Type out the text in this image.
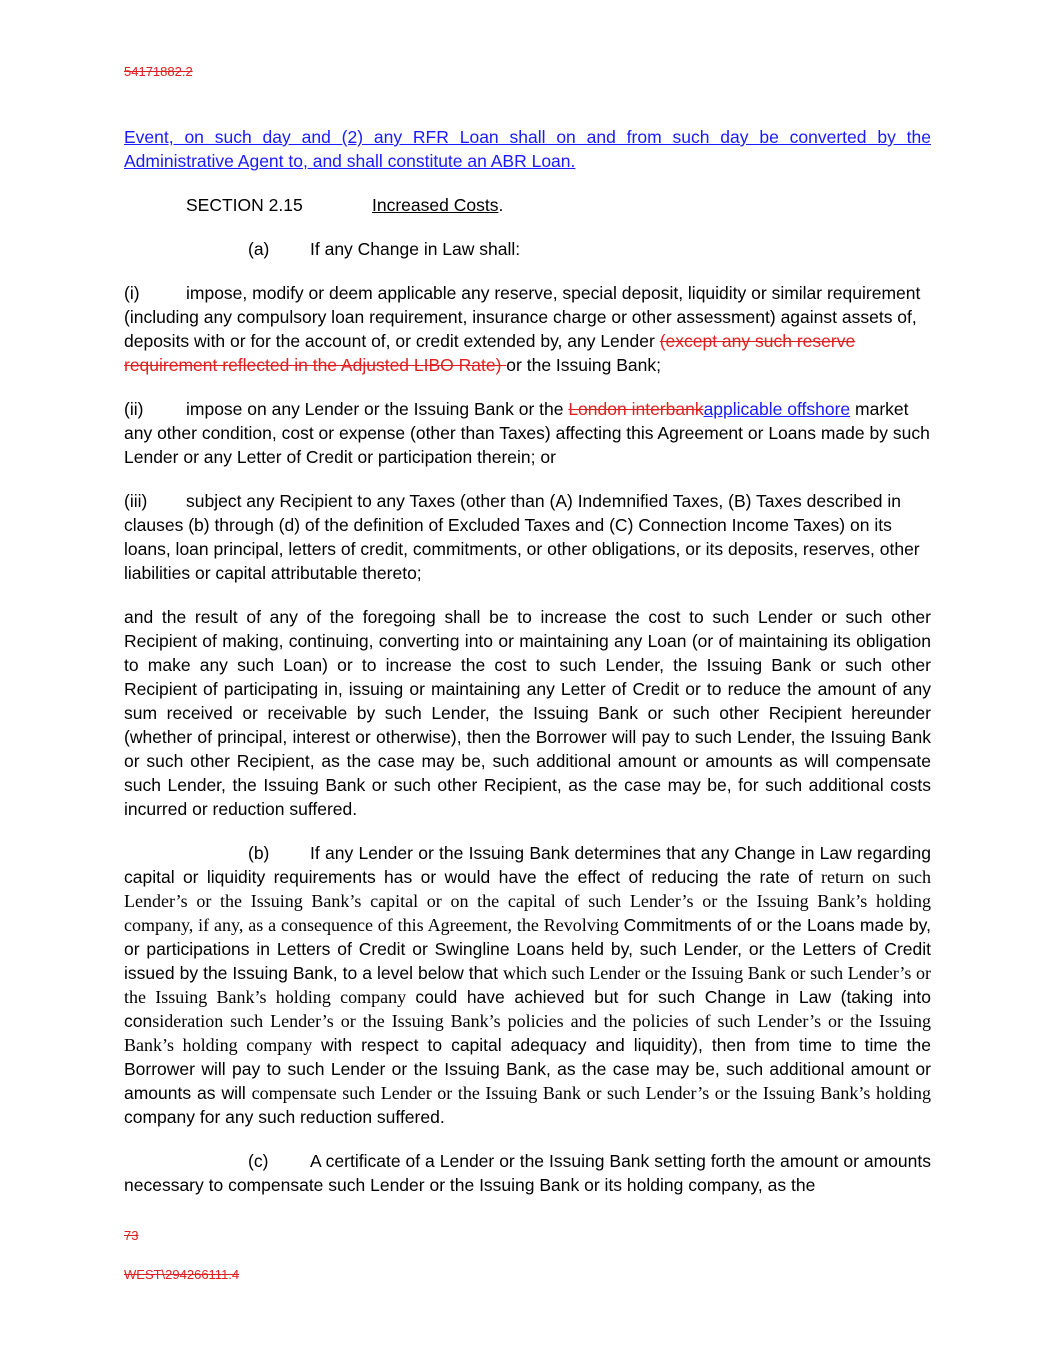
54171882.2

Event, on such day and (2) any RFR Loan shall on and from such day be converted by the Administrative Agent to, and shall constitute an ABR Loan.

SECTION 2.15	Increased Costs.

(a) If any Change in Law shall:

(i)	impose, modify or deem applicable any reserve, special deposit, liquidity or similar requirement (including any compulsory loan requirement, insurance charge or other assessment) against assets of, deposits with or for the account of, or credit extended by, any Lender (except any such reserve requirement reflected in the Adjusted LIBO Rate) or the Issuing Bank;

(ii) impose on any Lender or the Issuing Bank or the London interbankapplicable offshore market any other condition, cost or expense (other than Taxes) affecting this Agreement or Loans made by such Lender or any Letter of Credit or participation therein; or

(iii) subject any Recipient to any Taxes (other than (A) Indemnified Taxes, (B) Taxes described in clauses (b) through (d) of the definition of Excluded Taxes and (C) Connection Income Taxes) on its loans, loan principal, letters of credit, commitments, or other obligations, or its deposits, reserves, other liabilities or capital attributable thereto;

and the result of any of the foregoing shall be to increase the cost to such Lender or such other Recipient of making, continuing, converting into or maintaining any Loan (or of maintaining its obligation to make any such Loan) or to increase the cost to such Lender, the Issuing Bank or such other Recipient of participating in, issuing or maintaining any Letter of Credit or to reduce the amount of any sum received or receivable by such Lender, the Issuing Bank or such other Recipient hereunder (whether of principal, interest or otherwise), then the Borrower will pay to such Lender, the Issuing Bank or such other Recipient, as the case may be, such additional amount or amounts as will compensate such Lender, the Issuing Bank or such other Recipient, as the case may be, for such additional costs incurred or reduction suffered.

(b) If any Lender or the Issuing Bank determines that any Change in Law regarding capital or liquidity requirements has or would have the effect of reducing the rate of return on such Lender’s or the Issuing Bank’s capital or on the capital of such Lender’s or the Issuing Bank’s holding company, if any, as a consequence of this Agreement, the Revolving Commitments of or the Loans made by, or participations in Letters of Credit or Swingline Loans held by, such Lender, or the Letters of Credit issued by the Issuing Bank, to a level below that which such Lender or the Issuing Bank or such Lender’s or the Issuing Bank’s holding company could have achieved but for such Change in Law (taking into consideration such Lender’s or the Issuing Bank’s policies and the policies of such Lender’s or the Issuing Bank’s holding company with respect to capital adequacy and liquidity), then from time to time the Borrower will pay to such Lender or the Issuing Bank, as the case may be, such additional amount or amounts as will compensate such Lender or the Issuing Bank or such Lender’s or the Issuing Bank’s holding company for any such reduction suffered.

(c) A certificate of a Lender or the Issuing Bank setting forth the amount or amounts necessary to compensate such Lender or the Issuing Bank or its holding company, as the

73
WEST\294266111.4
